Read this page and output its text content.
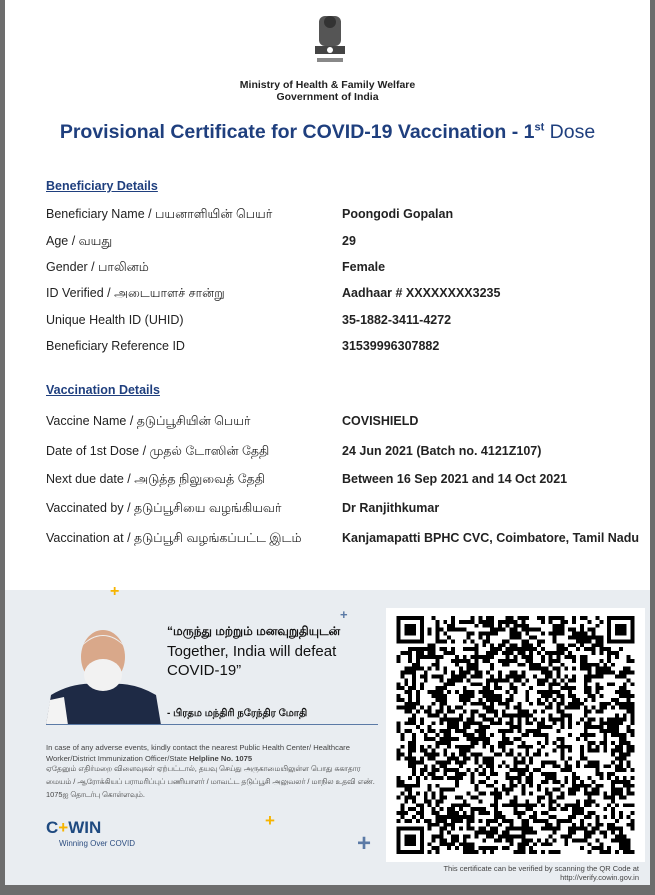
Ministry of Health & Family Welfare
Government of India
Provisional Certificate for COVID-19 Vaccination - 1st Dose
Beneficiary Details
Beneficiary Name / பயனாளியின் பெயர்	Poongodi Gopalan
Age / வயது	29
Gender / பாலினம்	Female
ID Verified / அடையாளச் சான்று	Aadhaar # XXXXXXXX3235
Unique Health ID (UHID)	35-1882-3411-4272
Beneficiary Reference ID	31539996307882
Vaccination Details
Vaccine Name / தடுப்பூசியின் பெயர்	COVISHIELD
Date of 1st Dose / முதல் டோஸின் தேதி	24 Jun 2021 (Batch no. 4121Z107)
Next due date / அடுத்த நிலுவைத் தேதி	Between 16 Sep 2021 and 14 Oct 2021
Vaccinated by / தடுப்பூசியை வழங்கியவர்	Dr Ranjithkumar
Vaccination at / தடுப்பூசி வழங்கப்பட்ட இடம்	Kanjamapatti BPHC CVC, Coimbatore, Tamil Nadu
+
+
+
+
“மருந்து மற்றும் மனவுறுதியுடன்
Together, India will defeat COVID-19”
- பிரதம மந்திரி நரேந்திர மோதி
In case of any adverse events, kindly contact the nearest Public Health Center/ Healthcare Worker/District Immunization Officer/State Helpline No. 1075
ஏதேனும் எதிர்மறை விளைவுகள் ஏற்பட்டால், தயவு செய்து அருகாமையிலுள்ள பொது சுகாதார மையம் / ஆரோக்கியப் பராமரிப்புப் பணியாளர் / மாவட்ட தடுப்பூசி அலுவலர் / மாநில உதவி எண். 1075ஐ தொடர்பு கொள்ளவும்.
C+WIN
Winning Over COVID
This certificate can be verified by scanning the QR Code at
http://verify.cowin.gov.in
